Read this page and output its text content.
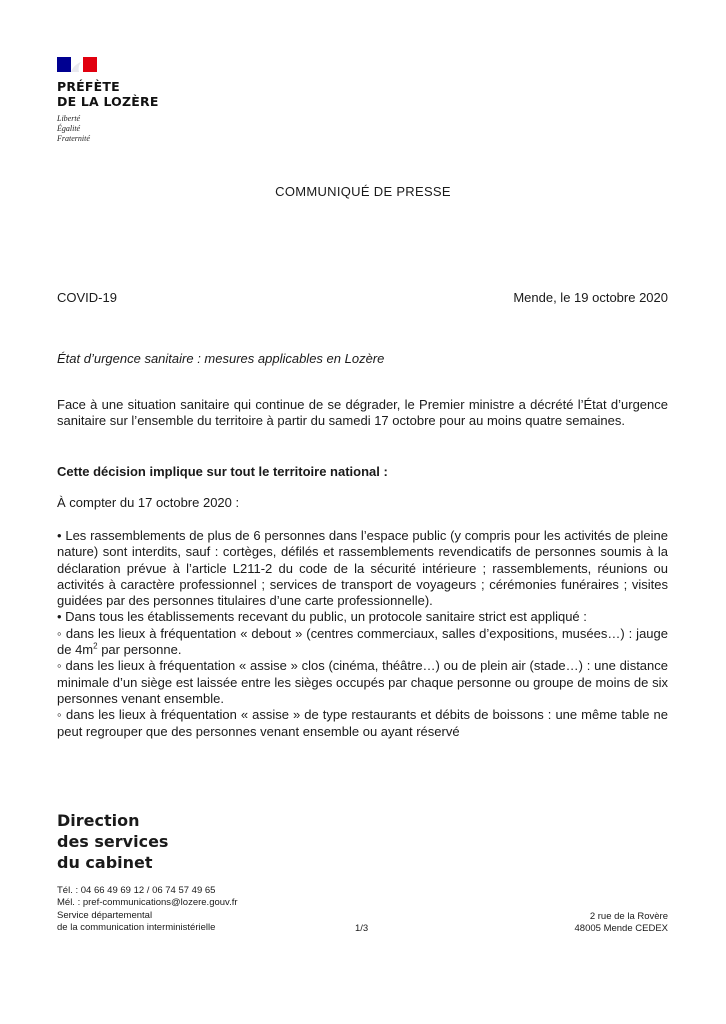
PRÉFÈTE
DE LA LOZÈRE
Liberté
Égalité
Fraternité
COMMUNIQUÉ DE PRESSE
COVID-19	Mende, le 19 octobre 2020
État d’urgence sanitaire : mesures applicables en Lozère

Face à une situation sanitaire qui continue de se dégrader, le Premier ministre a décrété l’État d’urgence sanitaire sur l’ensemble du territoire à partir du samedi 17 octobre pour au moins quatre semaines.

Cette décision implique sur tout le territoire national :

À compter du 17 octobre 2020 :

• Les rassemblements de plus de 6 personnes dans l’espace public (y compris pour les activités de pleine nature) sont interdits, sauf : cortèges, défilés et rassemblements revendicatifs de personnes soumis à la déclaration prévue à l’article L211-2 du code de la sécurité intérieure ; rassemblements, réunions ou activités à caractère professionnel ; services de transport de voyageurs ; cérémonies funéraires ; visites guidées par des personnes titulaires d’une carte professionnelle).

• Dans tous les établissements recevant du public, un protocole sanitaire strict est appliqué :

◦ dans les lieux à fréquentation « debout » (centres commerciaux, salles d’expositions, musées…) : jauge de $4m^2$ par personne.

◦ dans les lieux à fréquentation « assise » clos (cinéma, théâtre…) ou de plein air (stade…) : une distance minimale d’un siège est laissée entre les sièges occupés par chaque personne ou groupe de moins de six personnes venant ensemble.

◦ dans les lieux à fréquentation « assise » de type restaurants et débits de boissons : une même table ne peut regrouper que des personnes venant ensemble ou ayant réservé

Direction
des services
du cabinet
Tél. : 04 66 49 69 12 / 06 74 57 49 65
Mél. : pref-communications@lozere.gouv.fr
Service départemental
de la communication interministérielle	1/3
2 rue de la Rovère
48005 Mende CEDEX
